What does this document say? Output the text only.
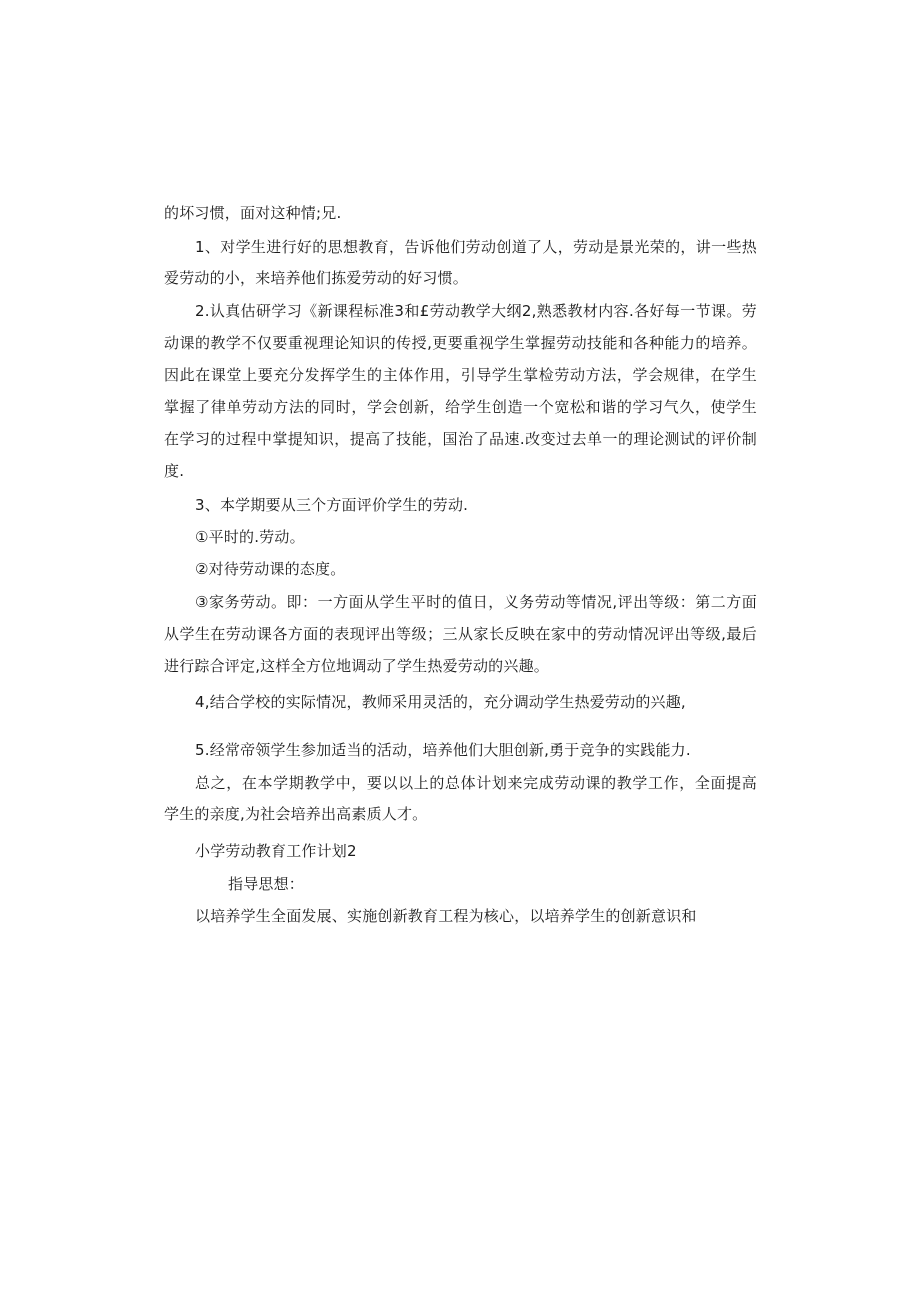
的坏习惯，面对这种情;兄.
1、对学生进行好的思想教育，告诉他们劳动创道了人，劳动是景光荣的，讲一些热
爱劳动的小，来培养他们拣爱劳动的好习惯。
2.认真估研学习《新课程标准3和£劳动教学大纲2,熟悉教材内容.各好每一节课。劳
动课的教学不仅要重视理论知识的传授,更要重视学生掌握劳动技能和各种能力的培养。
因此在课堂上要充分发挥学生的主体作用，引导学生掌检劳动方法，学会规律，在学生
掌握了律单劳动方法的同时，学会创新，给学生创造一个宽松和谐的学习气久，使学生
在学习的过程中掌提知识，提高了技能，国治了品速.改变过去单一的理论测试的评价制
度.
3、本学期要从三个方面评价学生的劳动.
①平时的.劳动。
②对待劳动课的态度。
③家务劳动。即：一方面从学生平时的值日，义务劳动等情况,评出等级：第二方面
从学生在劳动课各方面的表现评出等级；三从家长反映在家中的劳动情况评出等级,最后
进行踪合评定,这样全方位地调动了学生热爱劳动的兴趣。
4,结合学校的实际情况，教师采用灵活的，充分调动学生热爱劳动的兴趣,
5.经常帝领学生参加适当的活动，培养他们大胆创新,勇于竞争的实践能力.
总之，在本学期教学中，要以以上的总体计划来完成劳动课的教学工作，全面提高
学生的亲度,为社会培养出高素质人才。
小学劳动教育工作计划2
指导思想：
以培养学生全面发展、实施创新教育工程为核心，以培养学生的创新意识和
